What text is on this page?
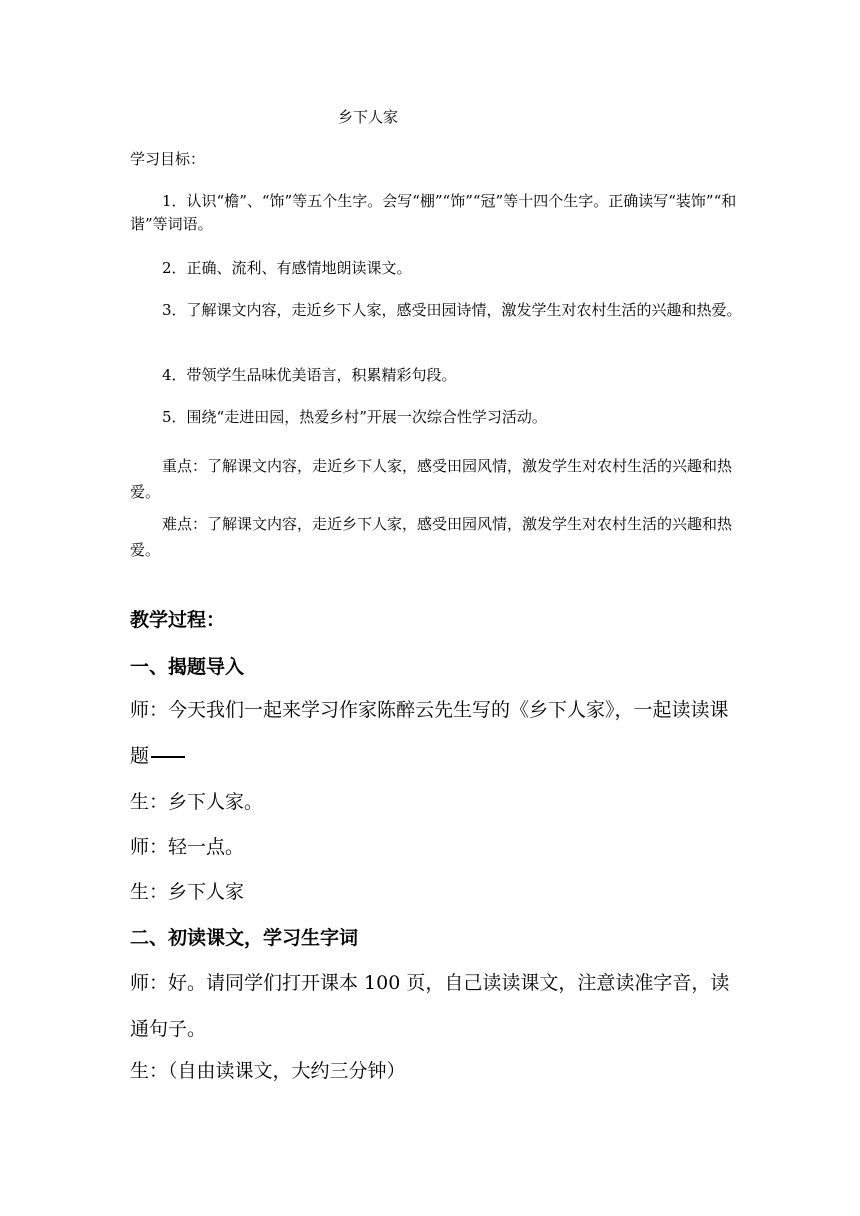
乡下人家

学习目标：

1．认识“檐”、“饰”等五个生字。会写“棚”“饰”“冠”等十四个生字。正确读写“装饰”“和谐”等词语。

2．正确、流利、有感情地朗读课文。

3．了解课文内容，走近乡下人家，感受田园诗情，激发学生对农村生活的兴趣和热爱。

4．带领学生品味优美语言，积累精彩句段。

5．围绕“走进田园，热爱乡村”开展一次综合性学习活动。

重点：了解课文内容，走近乡下人家，感受田园风情，激发学生对农村生活的兴趣和热爱。

难点：了解课文内容，走近乡下人家，感受田园风情，激发学生对农村生活的兴趣和热爱。

教学过程：

一、揭题导入

师：今天我们一起来学习作家陈醉云先生写的《乡下人家》，一起读读课题

生：乡下人家。

师：轻一点。

生：乡下人家

二、初读课文，学习生字词

师：好。请同学们打开课本 100 页，自己读读课文，注意读准字音，读通句子。

生：（自由读课文，大约三分钟）
